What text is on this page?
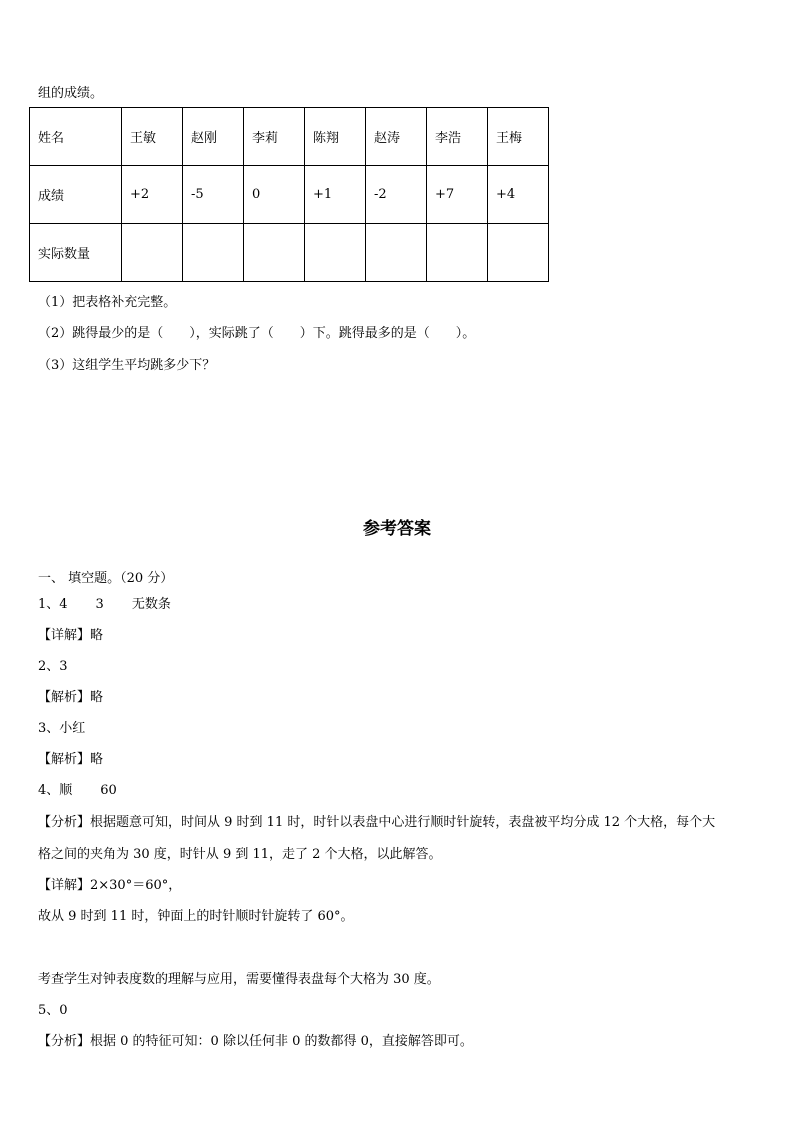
组的成绩。
姓名	王敏	赵刚	李莉	陈翔	赵涛	李浩	王梅
成绩	+2	-5	0	+1	-2	+7	+4
实际数量							
（1）把表格补充完整。
（2）跳得最少的是（　　），实际跳了（　　）下。跳得最多的是（　　）。
（3）这组学生平均跳多少下？
参考答案
一、 填空题。（20 分）
1、4 3 无数条
【详解】略
2、3
【解析】略
3、小红
【解析】略
4、顺 60
【分析】根据题意可知，时间从 9 时到 11 时，时针以表盘中心进行顺时针旋转，表盘被平均分成 12 个大格，每个大
格之间的夹角为 30 度，时针从 9 到 11，走了 2 个大格，以此解答。
【详解】2×30°＝60°，
故从 9 时到 11 时，钟面上的时针顺时针旋转了 60°。
考查学生对钟表度数的理解与应用，需要懂得表盘每个大格为 30 度。
5、0
【分析】根据 0 的特征可知：0 除以任何非 0 的数都得 0，直接解答即可。
